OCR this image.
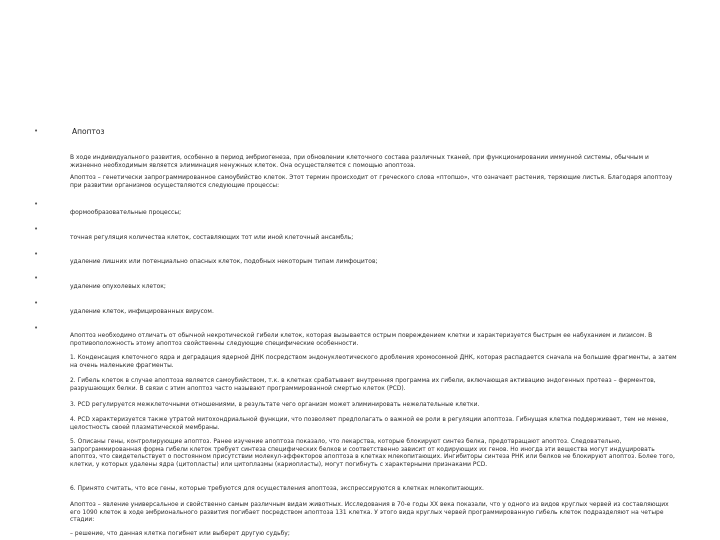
•	Апоптоз
В ходе индивидуального развития, особенно в период эмбриогенеза, при обновлении клеточного состава различных тканей, при функционировании иммунной системы, обычным и жизненно необходимым является элиминация ненужных клеток. Она осуществляется с помощью апоптоза.
Апоптоз – генетически запрограммированное самоубийство клеток. Этот термин происходит от греческого слова «птопшо», что означает растения, теряющие листья. Благодаря апоптозу при развитии организмов осуществляются следующие процессы:
•
формообразовательные процессы;
•
точная регуляция количества клеток, составляющих тот или иной клеточный ансамбль;
•
удаление лишних или потенциально опасных клеток, подобных некоторым типам лимфоцитов;
•
удаление опухолевых клеток;
•
удаление клеток, инфицированных вирусом.
•
Апоптоз необходимо отличать от обычной некротической гибели клеток, которая вызывается острым повреждением клетки и характеризуется быстрым ее набуханием и лизисом. В противоположность этому апоптоз свойственны следующие специфические особенности.
1. Конденсация клеточного ядра и деградация ядерной ДНК посредством эндонуклеотического дробления хромосомной ДНК, которая распадается сначала на большие фрагменты, а затем на очень маленькие фрагменты.
2. Гибель клеток в случае апоптоза является самоубийством, т.к. в клетках срабатывает внутренняя программа их гибели, включающая активацию эндогенных протеаз – ферментов, разрушающих белки. В связи с этим апоптоз часто называют программированной смертью клеток (PCD).
3. PCD регулируется межклеточными отношениями, в результате чего организм может элиминировать нежелательные клетки.
4. PCD характеризуется также утратой митохондриальной функции, что позволяет предполагать о важной ее роли в регуляции апоптоза. Гибнущая клетка поддерживает, тем не менее, целостность своей плазматической мембраны.
5. Описаны гены, контролирующие апоптоз. Ранее изучение апоптоза показало, что лекарства, которые блокируют синтез белка, предотвращают апоптоз. Следовательно, запрограммированная форма гибели клеток требует синтеза специфических белков и соответственно зависит от кодирующих их генов. Но иногда эти вещества могут индуцировать апоптоз, что свидетельствует о постоянном присутствии молекул-эффекторов апоптоза в клетках млекопитающих. Ингибиторы синтеза РНК или белков не блокируют апоптоз. Более того, клетки, у которых удалены ядра (цитопласты) или цитоплазмы (кариопласты), могут погибнуть с характерными признаками PCD.
6. Принято считать, что все гены, которые требуются для осуществления апоптоза, экспрессируются в клетках млекопитающих.
Апоптоз – явление универсальное и свойственно самым различным видам животных. Исследования в 70-е годы XX века показали, что у одного из видов круглых червей из составляющих его 1090 клеток в ходе эмбрионального развития погибает посредством апоптоза 131 клетка. У этого вида круглых червей программированную гибель клеток подразделяют на четыре стадии:
– решение, что данная клетка погибнет или выберет другую судьбу;
